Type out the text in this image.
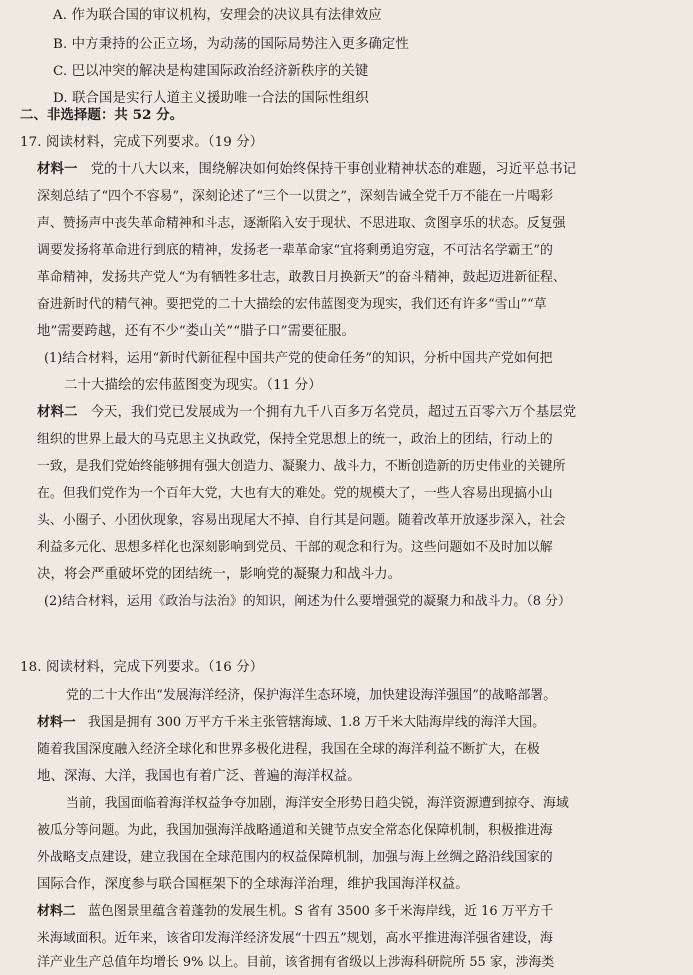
A. 作为联合国的审议机构，安理会的决议具有法律效应
B. 中方秉持的公正立场，为动荡的国际局势注入更多确定性
C. 巴以冲突的解决是构建国际政治经济新秩序的关键
D. 联合国是实行人道主义援助唯一合法的国际性组织
二、非选择题：共 52 分。
17. 阅读材料，完成下列要求。（19 分）
材料一 党的十八大以来，围绕解决如何始终保持干事创业精神状态的难题，习近平总书记
深刻总结了“四个不容易”，深刻论述了“三个一以贯之”，深刻告诫全党千万不能在一片喝彩
声、赞扬声中丧失革命精神和斗志，逐渐陷入安于现状、不思进取、贪图享乐的状态。反复强
调要发扬将革命进行到底的精神，发扬老一辈革命家“宜将剩勇追穷寇，不可沽名学霸王”的
革命精神，发扬共产党人“为有牺牲多壮志，敢教日月换新天”的奋斗精神，鼓起迈进新征程、
奋进新时代的精气神。要把党的二十大描绘的宏伟蓝图变为现实，我们还有许多“雪山”“草
地”需要跨越，还有不少“娄山关”“腊子口”需要征服。
(1)结合材料，运用“新时代新征程中国共产党的使命任务”的知识，分析中国共产党如何把
二十大描绘的宏伟蓝图变为现实。（11 分）
材料二 今天，我们党已发展成为一个拥有九千八百多万名党员，超过五百零六万个基层党
组织的世界上最大的马克思主义执政党，保持全党思想上的统一，政治上的团结，行动上的
一致，是我们党始终能够拥有强大创造力、凝聚力、战斗力，不断创造新的历史伟业的关键所
在。但我们党作为一个百年大党，大也有大的难处。党的规模大了，一些人容易出现搞小山
头、小圈子、小团伙现象，容易出现尾大不掉、自行其是问题。随着改革开放逐步深入，社会
利益多元化、思想多样化也深刻影响到党员、干部的观念和行为。这些问题如不及时加以解
决，将会严重破坏党的团结统一，影响党的凝聚力和战斗力。
(2)结合材料，运用《政治与法治》的知识，阐述为什么要增强党的凝聚力和战斗力。（8 分）
18. 阅读材料，完成下列要求。（16 分）
党的二十大作出“发展海洋经济，保护海洋生态环境，加快建设海洋强国”的战略部署。
材料一 我国是拥有 300 万平方千米主张管辖海域、1.8 万千米大陆海岸线的海洋大国。
随着我国深度融入经济全球化和世界多极化进程，我国在全球的海洋利益不断扩大，在极
地、深海、大洋，我国也有着广泛、普遍的海洋权益。
当前，我国面临着海洋权益争夺加剧，海洋安全形势日趋尖锐，海洋资源遭到掠夺、海域
被瓜分等问题。为此，我国加强海洋战略通道和关键节点安全常态化保障机制，积极推进海
外战略支点建设，建立我国在全球范围内的权益保障机制，加强与海上丝绸之路沿线国家的
国际合作，深度参与联合国框架下的全球海洋治理，维护我国海洋权益。
材料二 蓝色图景里蕴含着蓬勃的发展生机。S 省有 3500 多千米海岸线，近 16 万平方千
米海域面积。近年来，该省印发海洋经济发展“十四五”规划，高水平推进海洋强省建设，海
洋产业生产总值年均增长 9% 以上。目前，该省拥有省级以上涉海科研院所 55 家，涉海类
